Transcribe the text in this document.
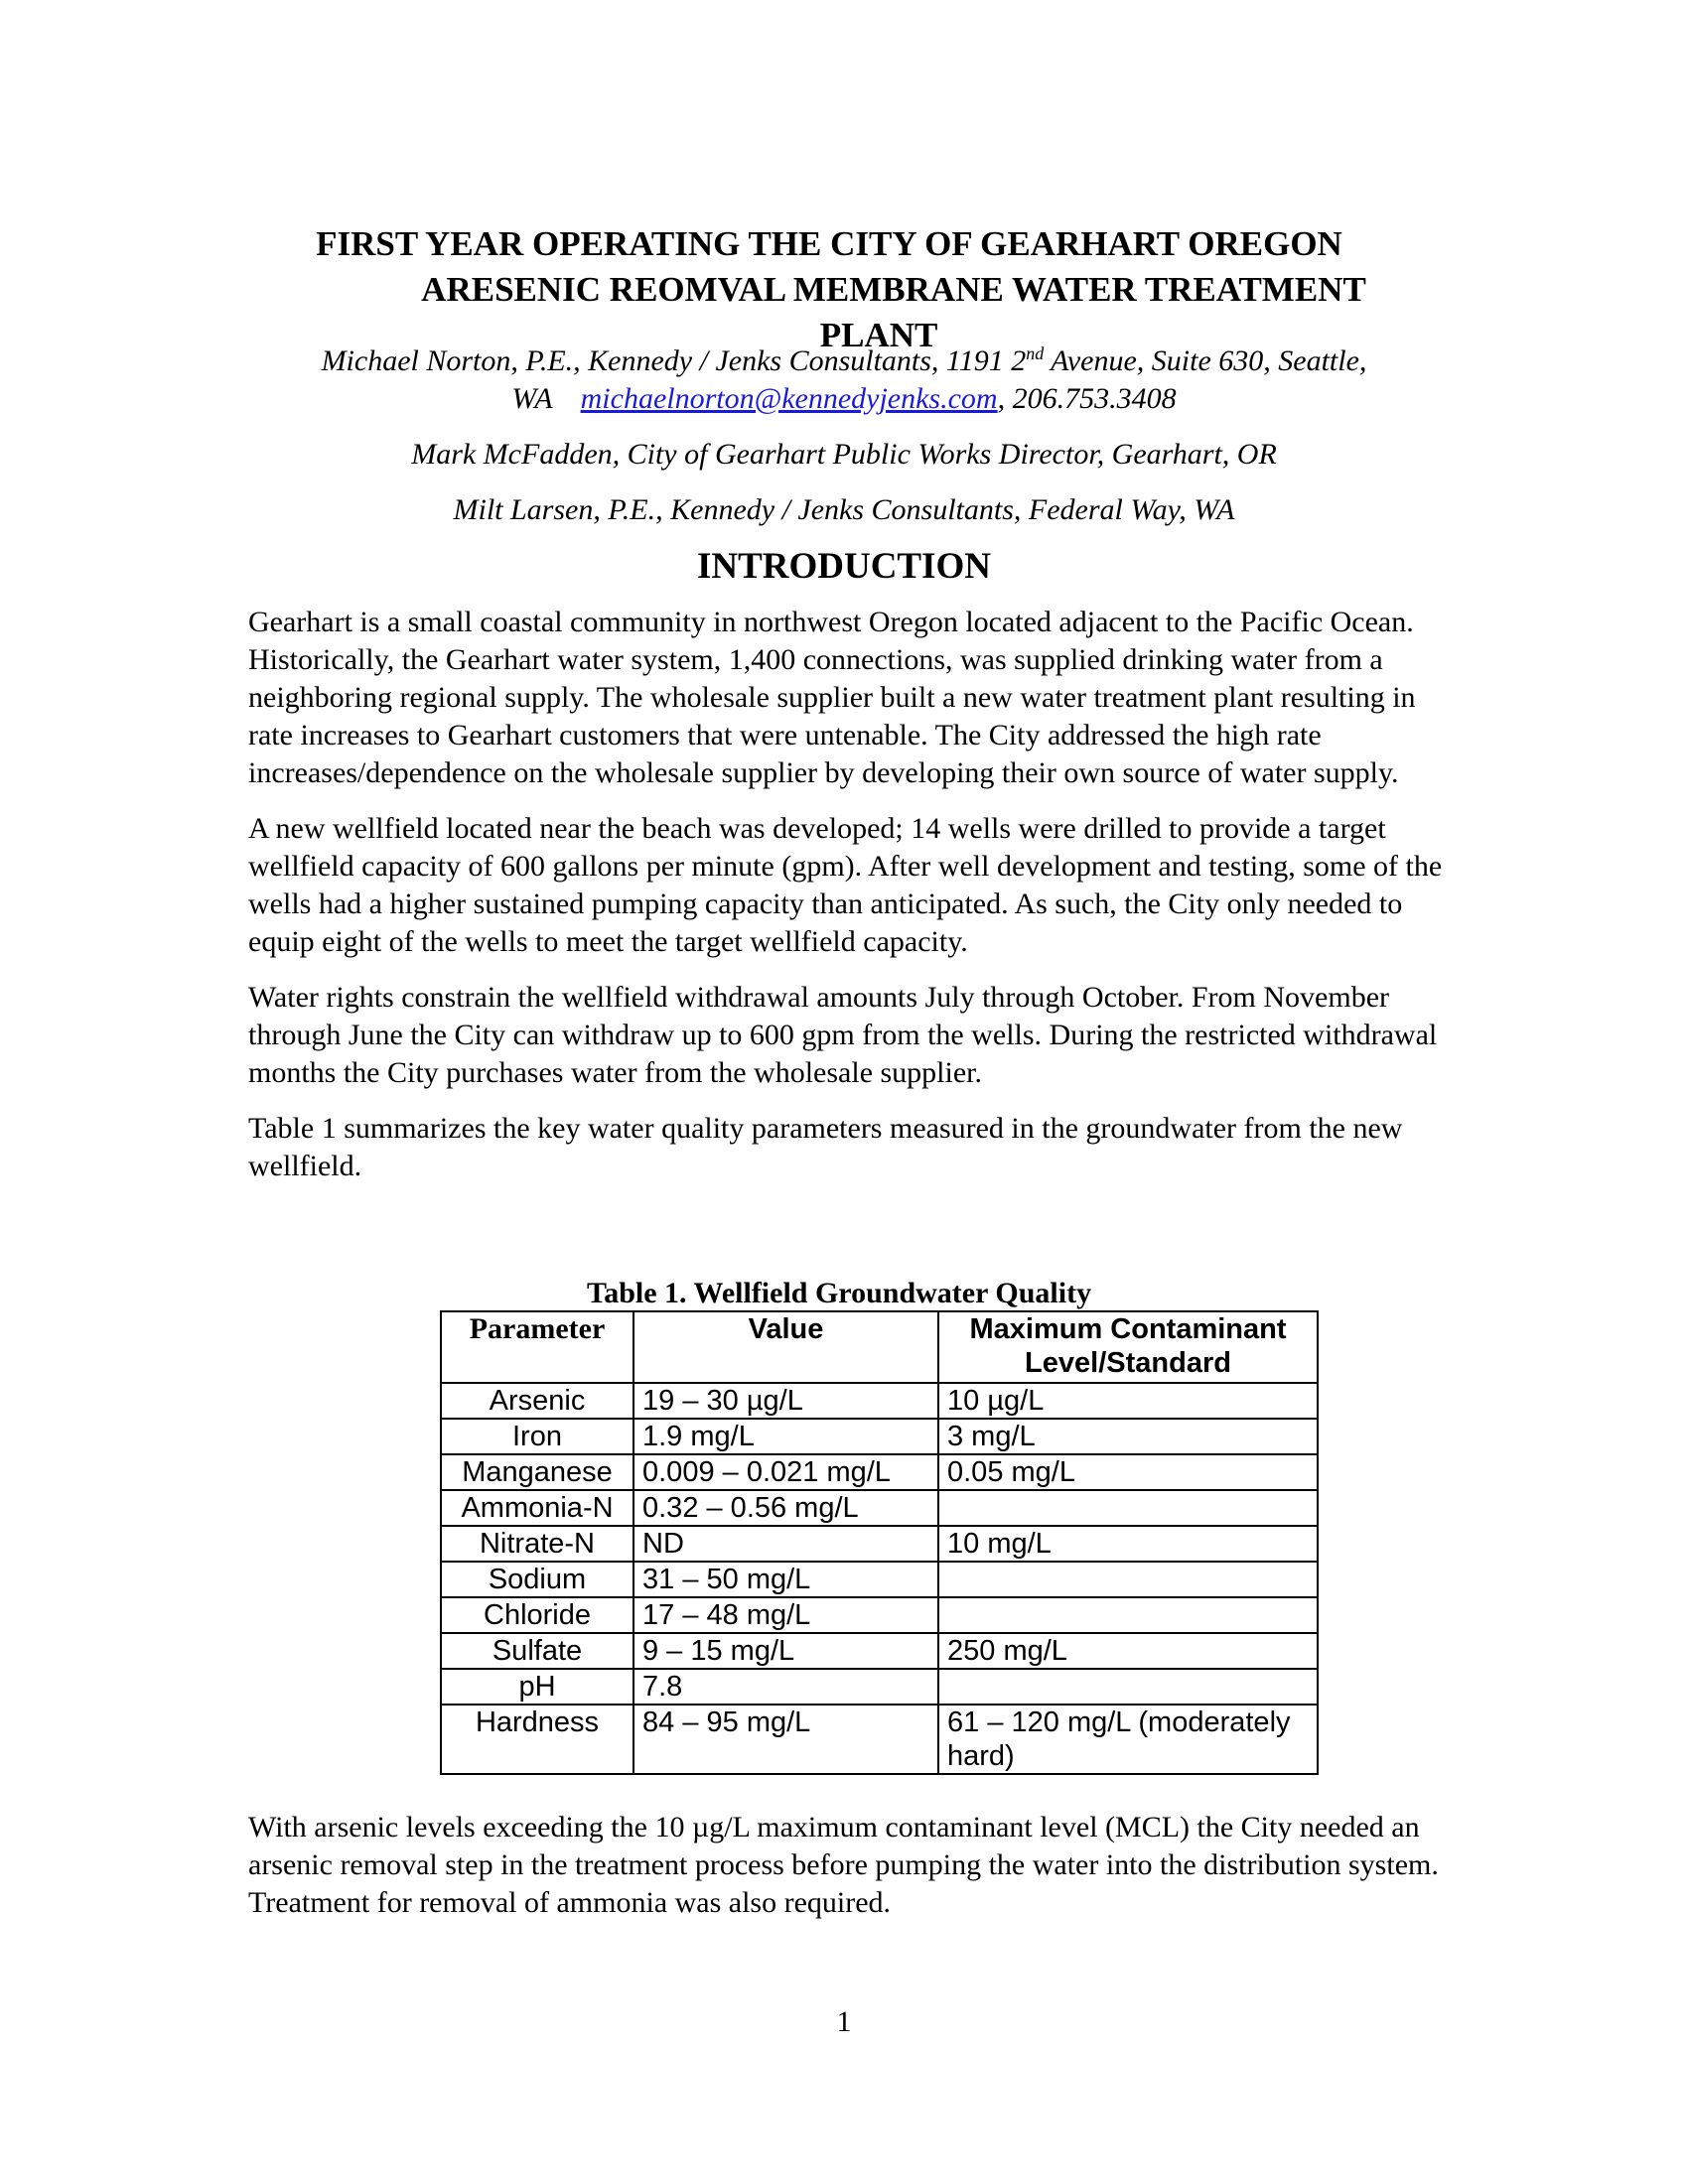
FIRST YEAR OPERATING THE CITY OF GEARHART OREGON
ARESENIC REOMVAL MEMBRANE WATER TREATMENT
PLANT

Michael Norton, P.E., Kennedy / Jenks Consultants, 1191 2nd Avenue, Suite 630, Seattle,
WA michaelnorton@kennedyjenks.com, 206.753.3408

Mark McFadden, City of Gearhart Public Works Director, Gearhart, OR

Milt Larsen, P.E., Kennedy / Jenks Consultants, Federal Way, WA

INTRODUCTION

Gearhart is a small coastal community in northwest Oregon located adjacent to the Pacific Ocean. Historically, the Gearhart water system, 1,400 connections, was supplied drinking water from a neighboring regional supply. The wholesale supplier built a new water treatment plant resulting in rate increases to Gearhart customers that were untenable. The City addressed the high rate increases/dependence on the wholesale supplier by developing their own source of water supply.

A new wellfield located near the beach was developed; 14 wells were drilled to provide a target wellfield capacity of 600 gallons per minute (gpm). After well development and testing, some of the wells had a higher sustained pumping capacity than anticipated. As such, the City only needed to equip eight of the wells to meet the target wellfield capacity.

Water rights constrain the wellfield withdrawal amounts July through October. From November through June the City can withdraw up to 600 gpm from the wells. During the restricted withdrawal months the City purchases water from the wholesale supplier.

Table 1 summarizes the key water quality parameters measured in the groundwater from the new wellfield.

Table 1. Wellfield Groundwater Quality
Parameter	Value	Maximum Contaminant Level/Standard
Arsenic	19 – 30 µg/L	10 µg/L
Iron	1.9 mg/L	3 mg/L
Manganese	0.009 – 0.021 mg/L	0.05 mg/L
Ammonia-N	0.32 – 0.56 mg/L	
Nitrate-N	ND	10 mg/L
Sodium	31 – 50 mg/L	
Chloride	17 – 48 mg/L	
Sulfate	9 – 15 mg/L	250 mg/L
pH	7.8	
Hardness	84 – 95 mg/L	61 – 120 mg/L (moderately hard)

With arsenic levels exceeding the 10 µg/L maximum contaminant level (MCL) the City needed an arsenic removal step in the treatment process before pumping the water into the distribution system. Treatment for removal of ammonia was also required.

1
